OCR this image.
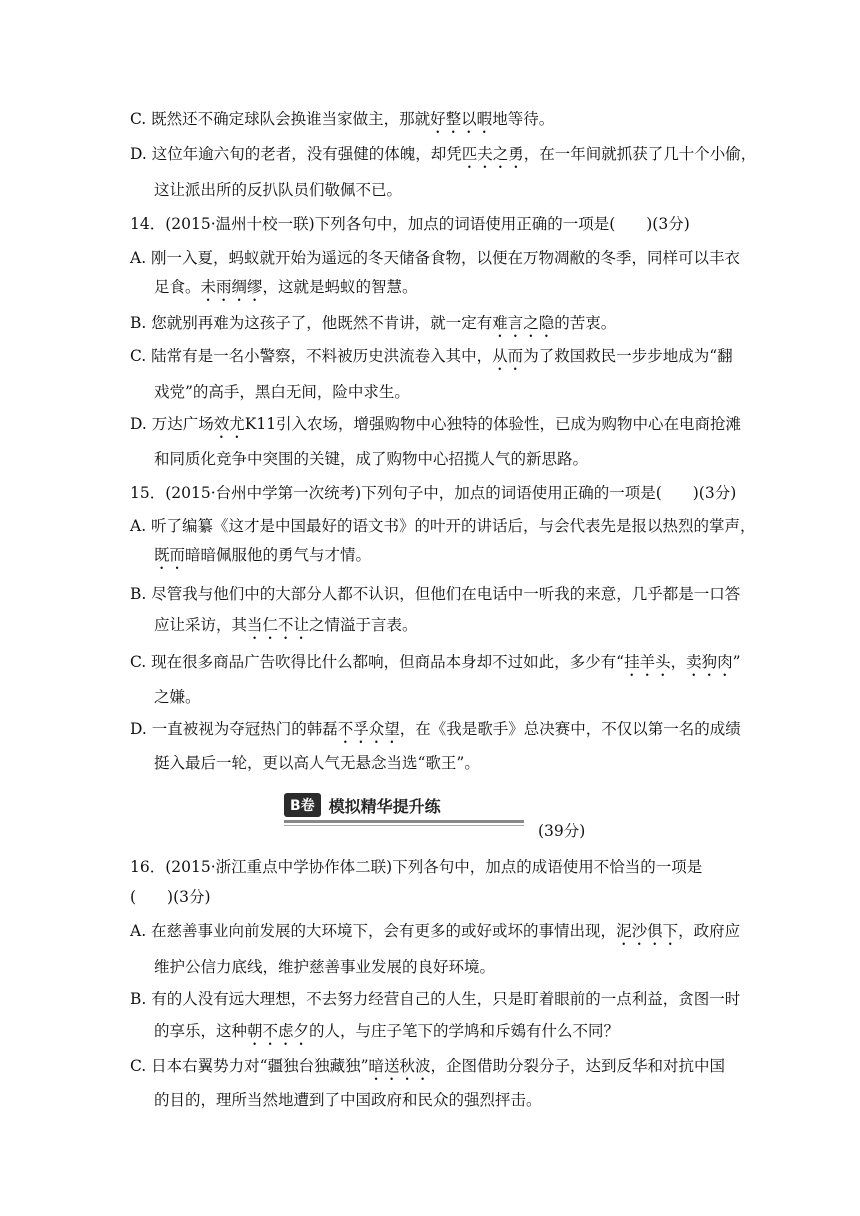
C. 既然还不确定球队会换谁当家做主，那就好整以暇地等待。
D. 这位年逾六旬的老者，没有强健的体魄，却凭匹夫之勇，在一年间就抓获了几十个小偷，
这让派出所的反扒队员们敬佩不已。
14．(2015·温州十校一联)下列各句中，加点的词语使用正确的一项是(　　)(3分)
A. 刚一入夏，蚂蚁就开始为遥远的冬天储备食物，以便在万物凋敝的冬季，同样可以丰衣
足食。未雨绸缪，这就是蚂蚁的智慧。
B. 您就别再难为这孩子了，他既然不肯讲，就一定有难言之隐的苦衷。
C. 陆常有是一名小警察，不料被历史洪流卷入其中，从而为了救国救民一步步地成为“翻
戏党”的高手，黑白无间，险中求生。
D. 万达广场效尤K11引入农场，增强购物中心独特的体验性，已成为购物中心在电商抢滩
和同质化竞争中突围的关键，成了购物中心招揽人气的新思路。
15．(2015·台州中学第一次统考)下列句子中，加点的词语使用正确的一项是(　　)(3分)
A. 听了编纂《这才是中国最好的语文书》的叶开的讲话后，与会代表先是报以热烈的掌声，
既而暗暗佩服他的勇气与才情。
B. 尽管我与他们中的大部分人都不认识，但他们在电话中一听我的来意，几乎都是一口答
应让采访，其当仁不让之情溢于言表。
C. 现在很多商品广告吹得比什么都响，但商品本身却不过如此，多少有“挂羊头，卖狗肉”
之嫌。
D. 一直被视为夺冠热门的韩磊不孚众望，在《我是歌手》总决赛中，不仅以第一名的成绩
挺入最后一轮，更以高人气无悬念当选“歌王”。
B卷 模拟精华提升练
(39分)
16．(2015·浙江重点中学协作体二联)下列各句中，加点的成语使用不恰当的一项是
(　　)(3分)
A. 在慈善事业向前发展的大环境下，会有更多的或好或坏的事情出现，泥沙俱下，政府应
维护公信力底线，维护慈善事业发展的良好环境。
B. 有的人没有远大理想，不去努力经营自己的人生，只是盯着眼前的一点利益，贪图一时
的享乐，这种朝不虑夕的人，与庄子笔下的学鸠和斥鴳有什么不同？
C. 日本右翼势力对“疆独台独藏独”暗送秋波，企图借助分裂分子，达到反华和对抗中国
的目的，理所当然地遭到了中国政府和民众的强烈抨击。
